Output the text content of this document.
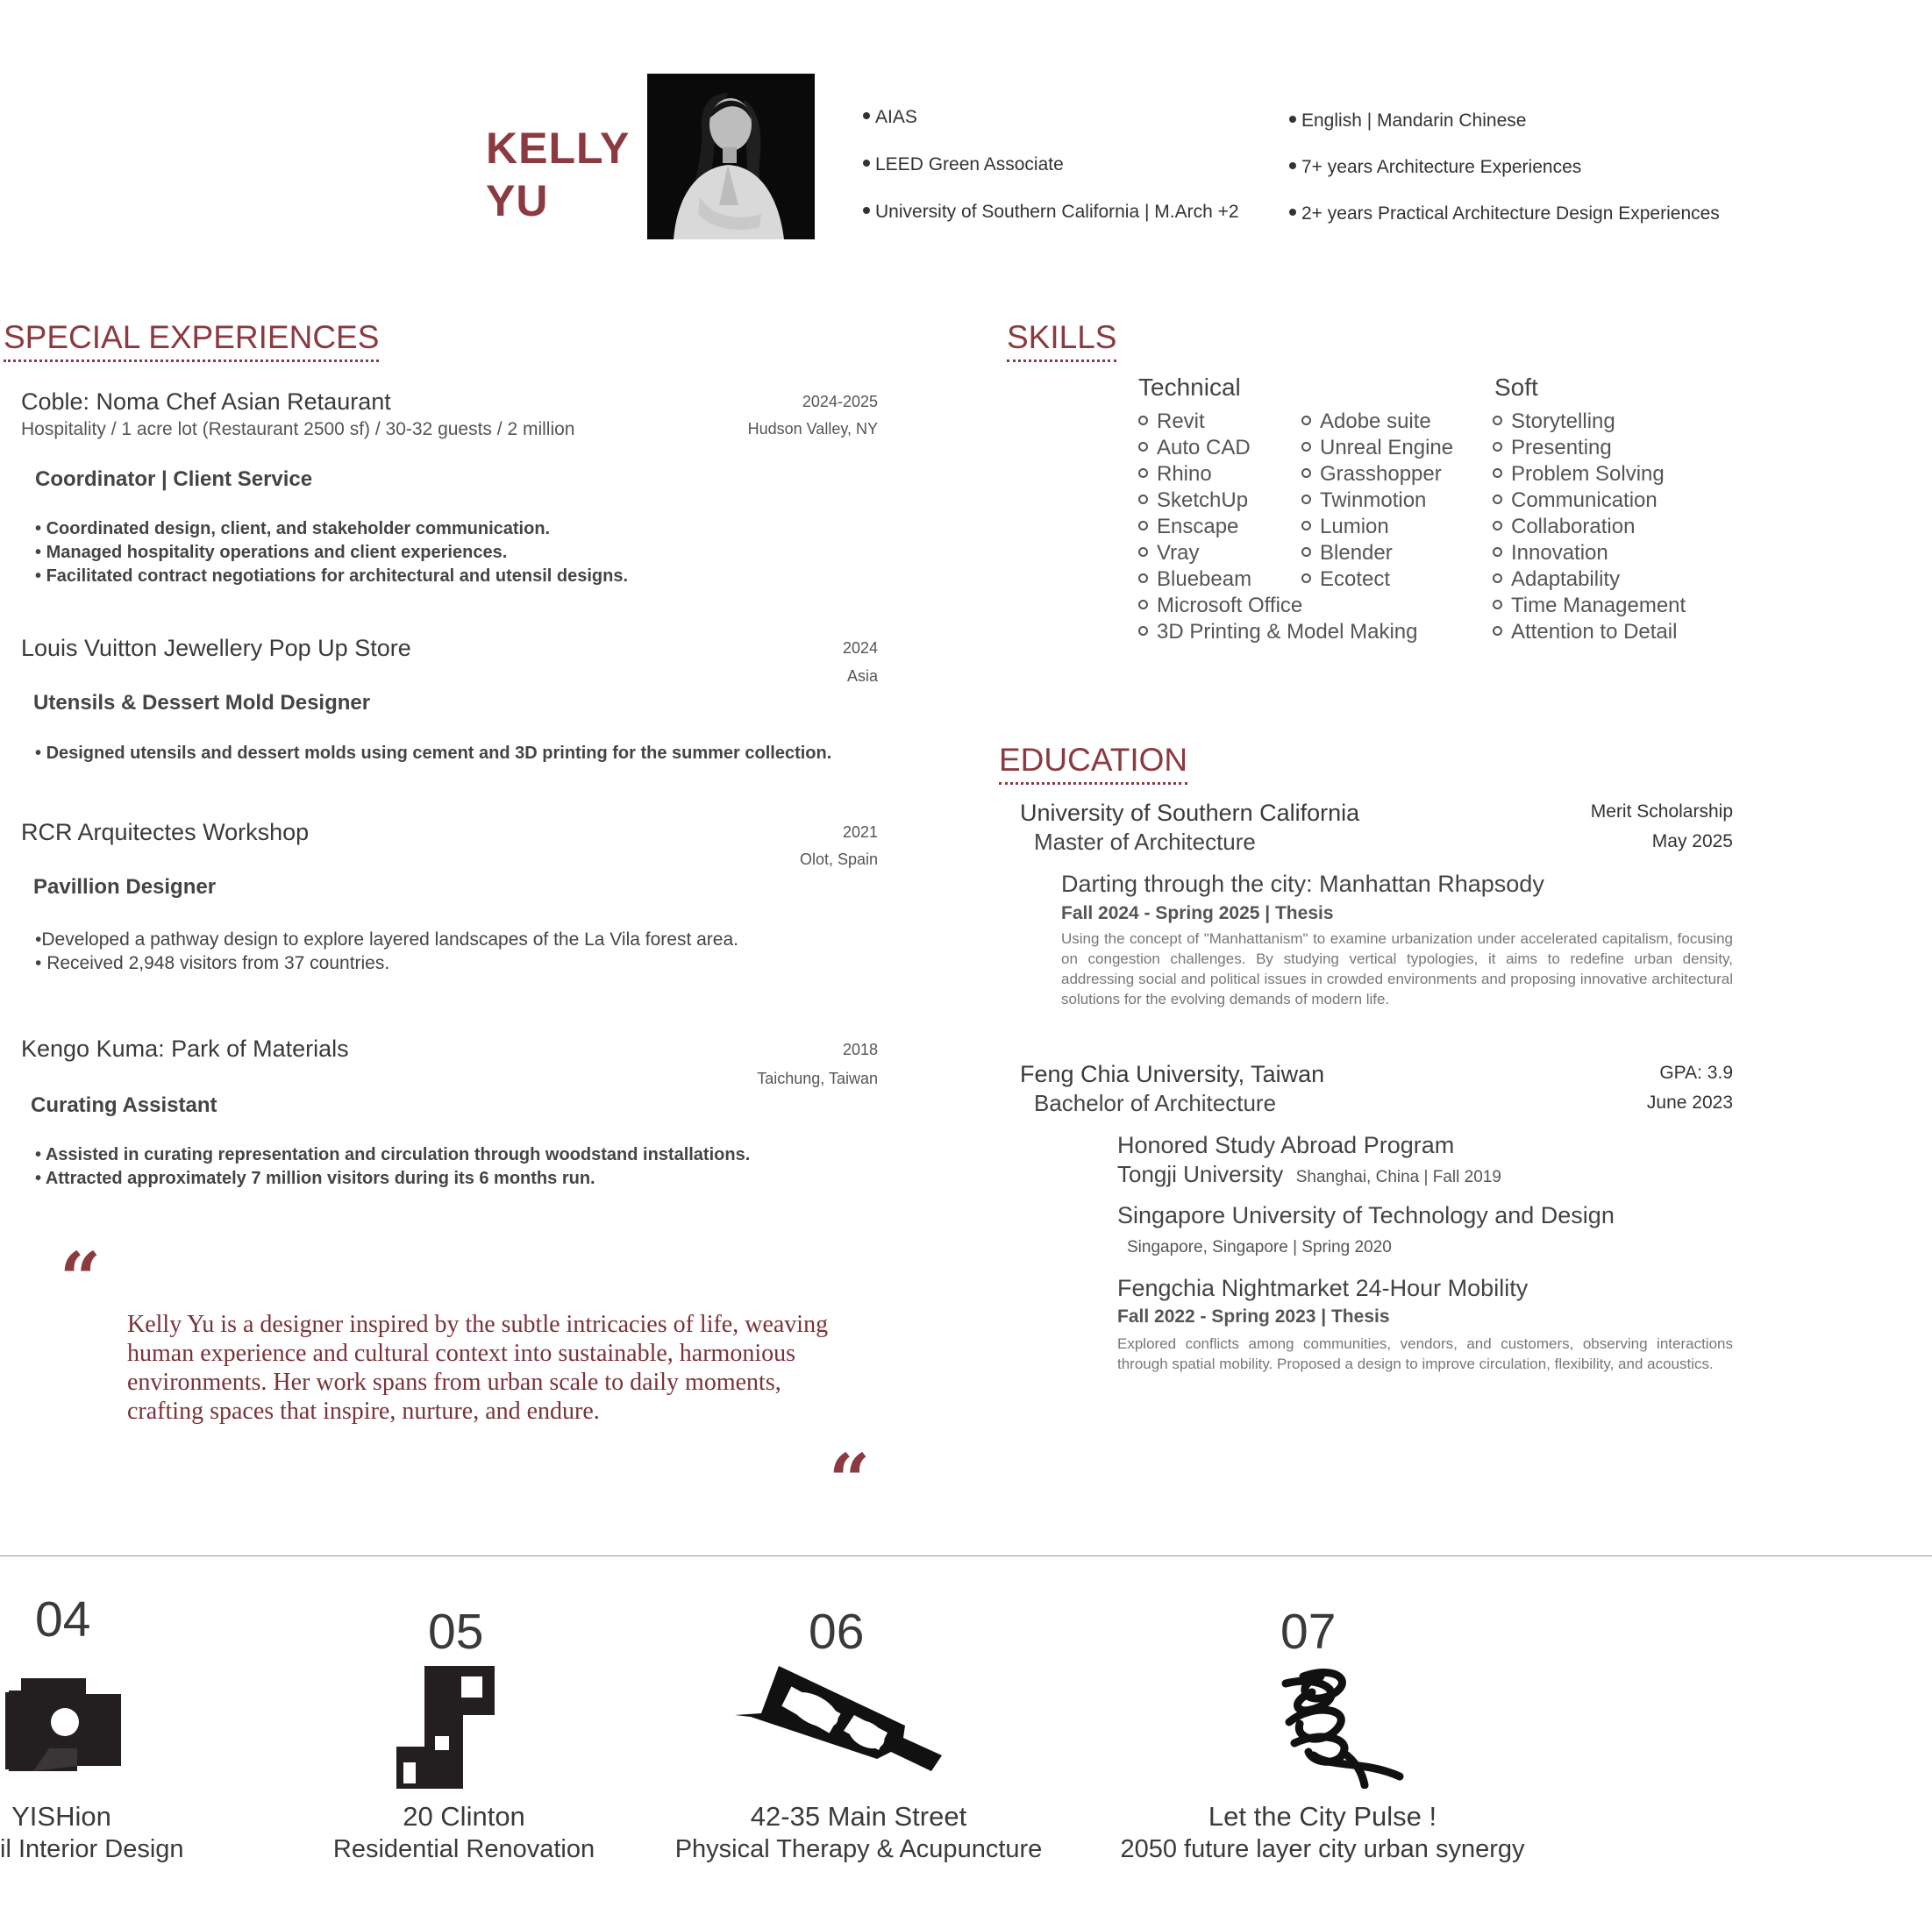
KELLY
YU
AIAS
LEED Green Associate
University of Southern California | M.Arch +2
English | Mandarin Chinese
7+ years Architecture Experiences
2+ years Practical Architecture Design Experiences
SPECIAL EXPERIENCES
Coble: Noma Chef Asian Retaurant
Hospitality / 1 acre lot (Restaurant 2500 sf) / 30-32 guests / 2 million
2024-2025
Hudson Valley, NY
Coordinator | Client Service
• Coordinated design, client, and stakeholder communication.
• Managed hospitality operations and client experiences.
• Facilitated contract negotiations for architectural and utensil designs.
Louis Vuitton Jewellery Pop Up Store	2024
Asia
Utensils & Dessert Mold Designer
• Designed utensils and dessert molds using cement and 3D printing for the summer collection.
RCR Arquitectes Workshop	2021
Olot, Spain
Pavillion Designer
•Developed a pathway design to explore layered landscapes of the La Vila forest area.
• Received 2,948 visitors from 37 countries.
Kengo Kuma: Park of Materials	2018
Taichung, Taiwan
Curating Assistant
• Assisted in curating representation and circulation through woodstand installations.
• Attracted approximately 7 million visitors during its 6 months run.
“
Kelly Yu is a designer inspired by the subtle intricacies of life, weaving
human experience and cultural context into sustainable, harmonious
environments. Her work spans from urban scale to daily moments,
crafting spaces that inspire, nurture, and endure.
“
SKILLS
Technical
Revit
Auto CAD
Rhino
SketchUp
Enscape
Vray
Bluebeam
Microsoft Office
3D Printing & Model Making
Adobe suite
Unreal Engine
Grasshopper
Twinmotion
Lumion
Blender
Ecotect
Soft
Storytelling
Presenting
Problem Solving
Communication
Collaboration
Innovation
Adaptability
Time Management
Attention to Detail
EDUCATION
University of Southern California
Master of Architecture
Merit Scholarship
May 2025
Darting through the city: Manhattan Rhapsody
Fall 2024 - Spring 2025 | Thesis
Using the concept of "Manhattanism" to examine urbanization under accelerated capitalism, focusing on congestion challenges. By studying vertical typologies, it aims to redefine urban density, addressing social and political issues in crowded environments and proposing innovative architectural solutions for the evolving demands of modern life.
Feng Chia University, Taiwan
Bachelor of Architecture
GPA: 3.9
June 2023
Honored Study Abroad Program
Tongji University Shanghai, China | Fall 2019
Singapore University of Technology and Design
Singapore, Singapore | Spring 2020
Fengchia Nightmarket 24-Hour Mobility
Fall 2022 - Spring 2023 | Thesis
Explored conflicts among communities, vendors, and customers, observing interactions through spatial mobility. Proposed a design to improve circulation, flexibility, and acoustics.
04
YISHion
il Interior Design
05
20 Clinton
Residential Renovation
06
42-35 Main Street
Physical Therapy & Acupuncture
07
Let the City Pulse !
2050 future layer city urban synergy
